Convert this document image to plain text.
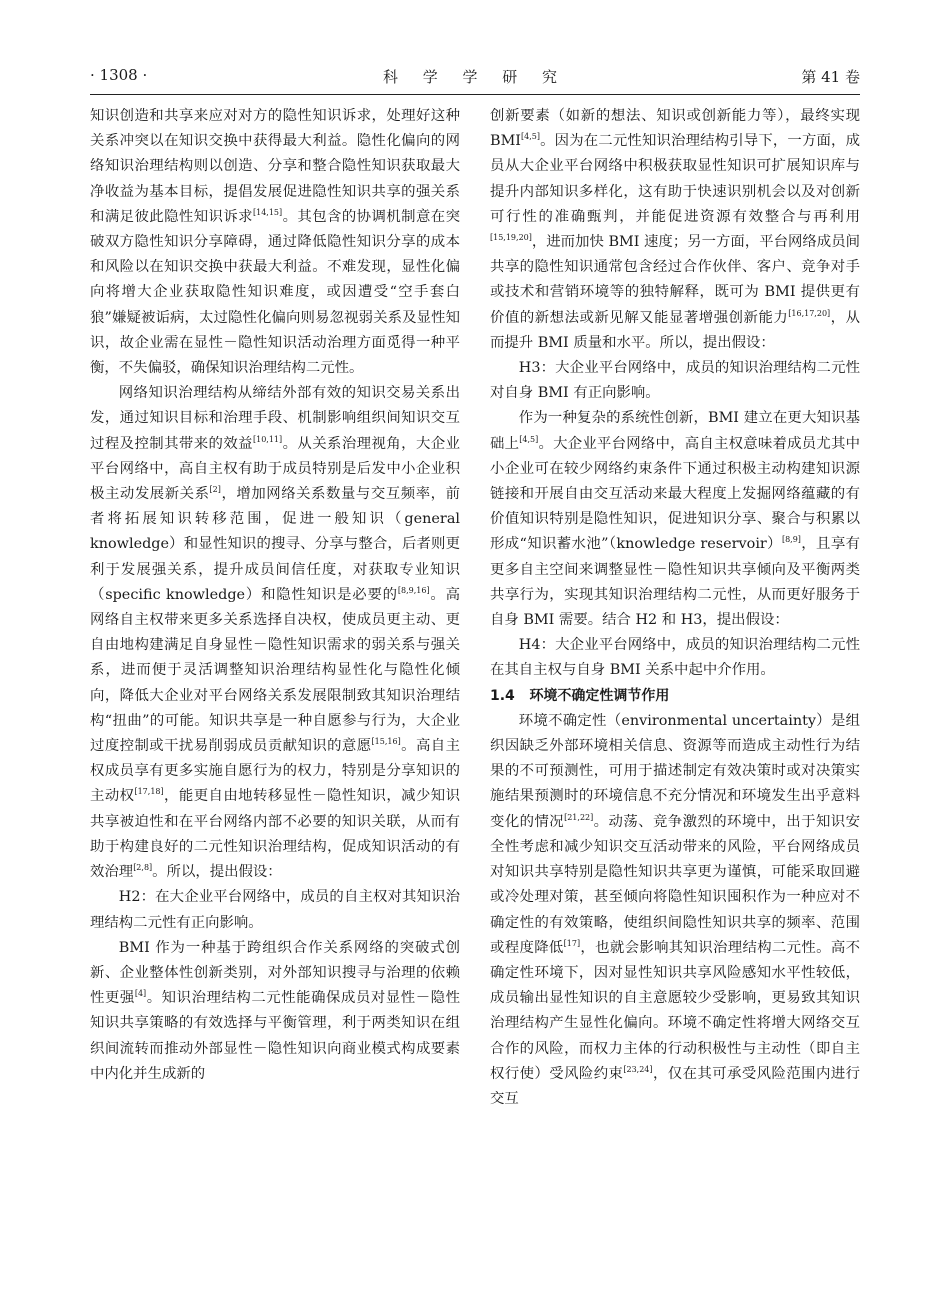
· 1308 ·	科 学 学 研 究	第 41 卷

知识创造和共享来应对对方的隐性知识诉求，处理好这种关系冲突以在知识交换中获得最大利益。隐性化偏向的网络知识治理结构则以创造、分享和整合隐性知识获取最大净收益为基本目标，提倡发展促进隐性知识共享的强关系和满足彼此隐性知识诉求[14,15]。其包含的协调机制意在突破双方隐性知识分享障碍，通过降低隐性知识分享的成本和风险以在知识交换中获最大利益。不难发现，显性化偏向将增大企业获取隐性知识难度，或因遭受“空手套白狼”嫌疑被诟病，太过隐性化偏向则易忽视弱关系及显性知识，故企业需在显性－隐性知识活动治理方面觅得一种平衡，不失偏驳，确保知识治理结构二元性。

网络知识治理结构从缔结外部有效的知识交易关系出发，通过知识目标和治理手段、机制影响组织间知识交互过程及控制其带来的效益[10,11]。从关系治理视角，大企业平台网络中，高自主权有助于成员特别是后发中小企业积极主动发展新关系[2]，增加网络关系数量与交互频率，前者将拓展知识转移范围，促进一般知识（general knowledge）和显性知识的搜寻、分享与整合，后者则更利于发展强关系，提升成员间信任度，对获取专业知识（specific knowledge）和隐性知识是必要的[8,9,16]。高网络自主权带来更多关系选择自决权，使成员更主动、更自由地构建满足自身显性－隐性知识需求的弱关系与强关系，进而便于灵活调整知识治理结构显性化与隐性化倾向，降低大企业对平台网络关系发展限制致其知识治理结构“扭曲”的可能。知识共享是一种自愿参与行为，大企业过度控制或干扰易削弱成员贡献知识的意愿[15,16]。高自主权成员享有更多实施自愿行为的权力，特别是分享知识的主动权[17,18]，能更自由地转移显性－隐性知识，减少知识共享被迫性和在平台网络内部不必要的知识关联，从而有助于构建良好的二元性知识治理结构，促成知识活动的有效治理[2,8]。所以，提出假设：

H2：在大企业平台网络中，成员的自主权对其知识治理结构二元性有正向影响。

BMI 作为一种基于跨组织合作关系网络的突破式创新、企业整体性创新类别，对外部知识搜寻与治理的依赖性更强[4]。知识治理结构二元性能确保成员对显性－隐性知识共享策略的有效选择与平衡管理，利于两类知识在组织间流转而推动外部显性－隐性知识向商业模式构成要素中内化并生成新的

创新要素（如新的想法、知识或创新能力等），最终实现 BMI[4,5]。因为在二元性知识治理结构引导下，一方面，成员从大企业平台网络中积极获取显性知识可扩展知识库与提升内部知识多样化，这有助于快速识别机会以及对创新可行性的准确甄判，并能促进资源有效整合与再利用[15,19,20]，进而加快 BMI 速度；另一方面，平台网络成员间共享的隐性知识通常包含经过合作伙伴、客户、竞争对手或技术和营销环境等的独特解释，既可为 BMI 提供更有价值的新想法或新见解又能显著增强创新能力[16,17,20]，从而提升 BMI 质量和水平。所以，提出假设：

H3：大企业平台网络中，成员的知识治理结构二元性对自身 BMI 有正向影响。

作为一种复杂的系统性创新，BMI 建立在更大知识基础上[4,5]。大企业平台网络中，高自主权意味着成员尤其中小企业可在较少网络约束条件下通过积极主动构建知识源链接和开展自由交互活动来最大程度上发掘网络蕴藏的有价值知识特别是隐性知识，促进知识分享、聚合与积累以形成“知识蓄水池”（knowledge reservoir）[8,9]，且享有更多自主空间来调整显性－隐性知识共享倾向及平衡两类共享行为，实现其知识治理结构二元性，从而更好服务于自身 BMI 需要。结合 H2 和 H3，提出假设：

H4：大企业平台网络中，成员的知识治理结构二元性在其自主权与自身 BMI 关系中起中介作用。

1.4 环境不确定性调节作用

环境不确定性（environmental uncertainty）是组织因缺乏外部环境相关信息、资源等而造成主动性行为结果的不可预测性，可用于描述制定有效决策时或对决策实施结果预测时的环境信息不充分情况和环境发生出乎意料变化的情况[21,22]。动荡、竞争激烈的环境中，出于知识安全性考虑和减少知识交互活动带来的风险，平台网络成员对知识共享特别是隐性知识共享更为谨慎，可能采取回避或冷处理对策，甚至倾向将隐性知识囤积作为一种应对不确定性的有效策略，使组织间隐性知识共享的频率、范围或程度降低[17]，也就会影响其知识治理结构二元性。高不确定性环境下，因对显性知识共享风险感知水平性较低，成员输出显性知识的自主意愿较少受影响，更易致其知识治理结构产生显性化偏向。环境不确定性将增大网络交互合作的风险，而权力主体的行动积极性与主动性（即自主权行使）受风险约束[23,24]，仅在其可承受风险范围内进行交互
